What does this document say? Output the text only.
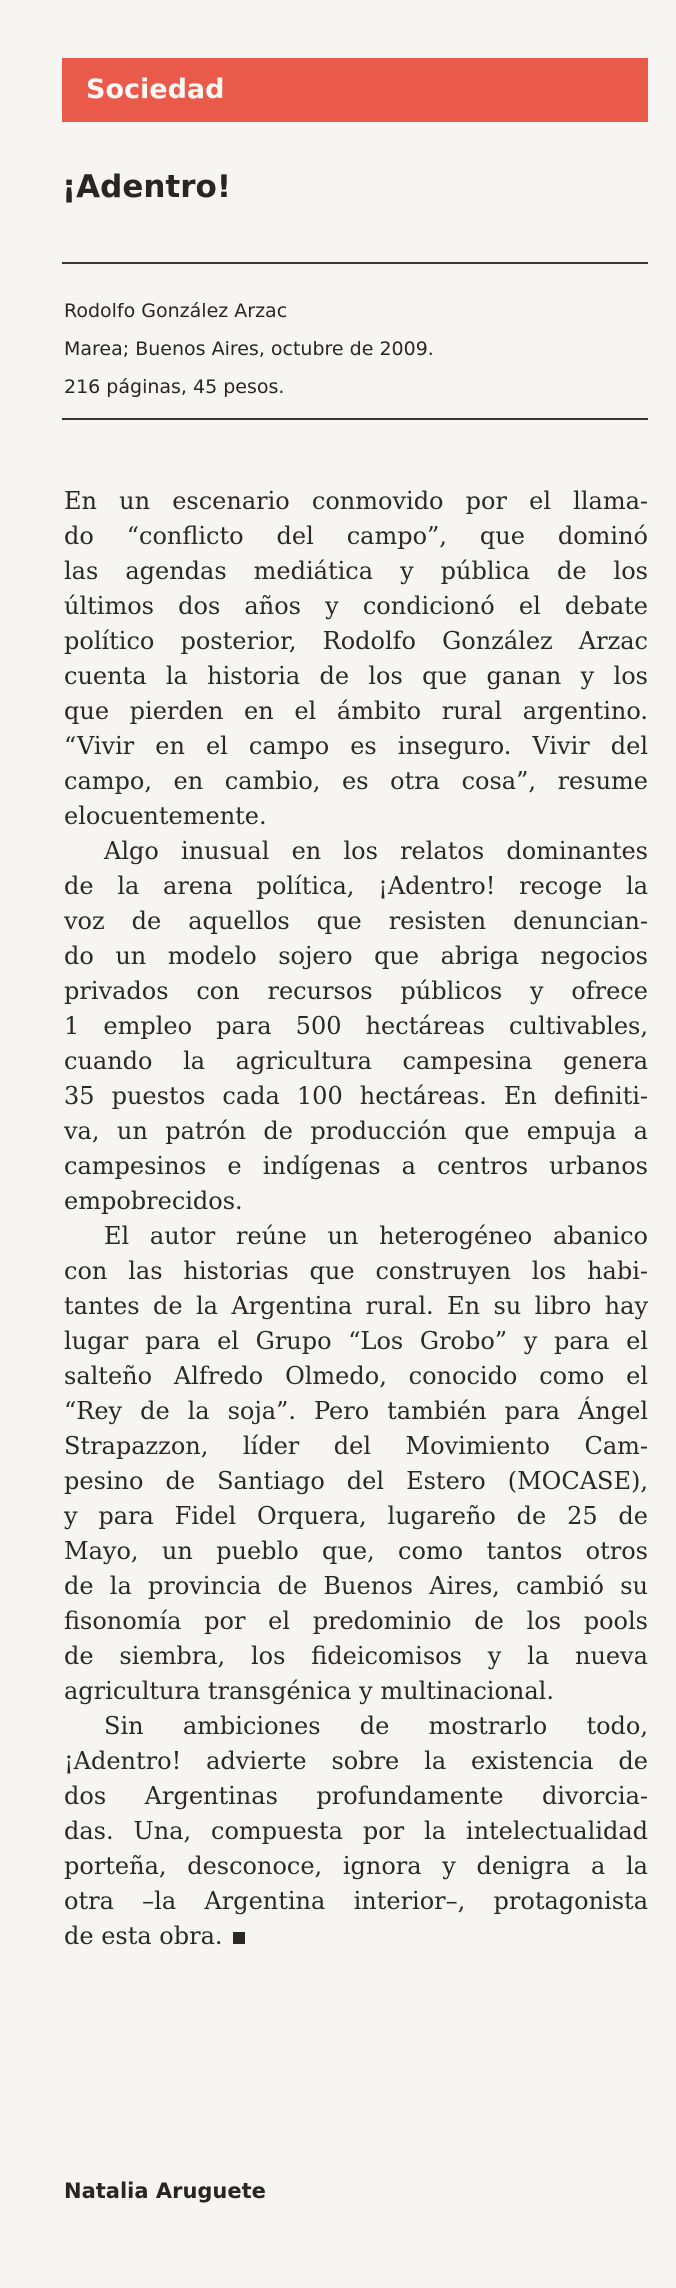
Sociedad
¡Adentro!
Rodolfo González Arzac
Marea; Buenos Aires, octubre de 2009.
216 páginas, 45 pesos.
En un escenario conmovido por el llama-
do “conflicto del campo”, que dominó
las agendas mediática y pública de los
últimos dos años y condicionó el debate
político posterior, Rodolfo González Arzac
cuenta la historia de los que ganan y los
que pierden en el ámbito rural argentino.
“Vivir en el campo es inseguro. Vivir del
campo, en cambio, es otra cosa”, resume
elocuentemente.
Algo inusual en los relatos dominantes
de la arena política, ¡Adentro! recoge la
voz de aquellos que resisten denuncian-
do un modelo sojero que abriga negocios
privados con recursos públicos y ofrece
1 empleo para 500 hectáreas cultivables,
cuando la agricultura campesina genera
35 puestos cada 100 hectáreas. En definiti-
va, un patrón de producción que empuja a
campesinos e indígenas a centros urbanos
empobrecidos.
El autor reúne un heterogéneo abanico
con las historias que construyen los habi-
tantes de la Argentina rural. En su libro hay
lugar para el Grupo “Los Grobo” y para el
salteño Alfredo Olmedo, conocido como el
“Rey de la soja”. Pero también para Ángel
Strapazzon, líder del Movimiento Cam-
pesino de Santiago del Estero (MOCASE),
y para Fidel Orquera, lugareño de 25 de
Mayo, un pueblo que, como tantos otros
de la provincia de Buenos Aires, cambió su
fisonomía por el predominio de los pools
de siembra, los fideicomisos y la nueva
agricultura transgénica y multinacional.
Sin ambiciones de mostrarlo todo,
¡Adentro! advierte sobre la existencia de
dos Argentinas profundamente divorcia-
das. Una, compuesta por la intelectualidad
porteña, desconoce, ignora y denigra a la
otra –la Argentina interior–, protagonista
de esta obra.
Natalia Aruguete
